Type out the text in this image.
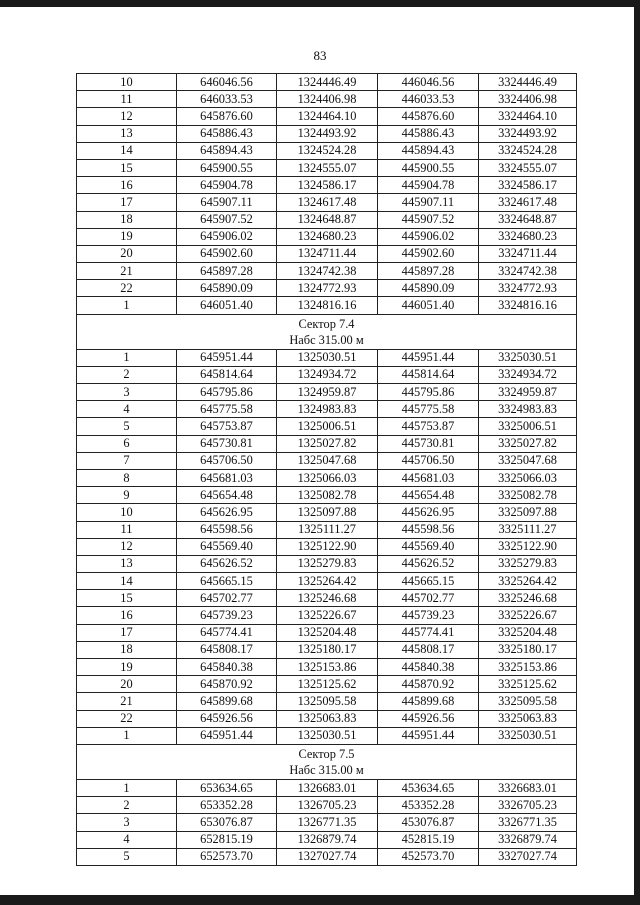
83
10	646046.56	1324446.49	446046.56	3324446.49
11	646033.53	1324406.98	446033.53	3324406.98
12	645876.60	1324464.10	445876.60	3324464.10
13	645886.43	1324493.92	445886.43	3324493.92
14	645894.43	1324524.28	445894.43	3324524.28
15	645900.55	1324555.07	445900.55	3324555.07
16	645904.78	1324586.17	445904.78	3324586.17
17	645907.11	1324617.48	445907.11	3324617.48
18	645907.52	1324648.87	445907.52	3324648.87
19	645906.02	1324680.23	445906.02	3324680.23
20	645902.60	1324711.44	445902.60	3324711.44
21	645897.28	1324742.38	445897.28	3324742.38
22	645890.09	1324772.93	445890.09	3324772.93
1	646051.40	1324816.16	446051.40	3324816.16

Сектор 7.4
Набс 315.00 м				

1	645951.44	1325030.51	445951.44	3325030.51
2	645814.64	1324934.72	445814.64	3324934.72
3	645795.86	1324959.87	445795.86	3324959.87
4	645775.58	1324983.83	445775.58	3324983.83
5	645753.87	1325006.51	445753.87	3325006.51
6	645730.81	1325027.82	445730.81	3325027.82
7	645706.50	1325047.68	445706.50	3325047.68
8	645681.03	1325066.03	445681.03	3325066.03
9	645654.48	1325082.78	445654.48	3325082.78
10	645626.95	1325097.88	445626.95	3325097.88
11	645598.56	1325111.27	445598.56	3325111.27
12	645569.40	1325122.90	445569.40	3325122.90
13	645626.52	1325279.83	445626.52	3325279.83
14	645665.15	1325264.42	445665.15	3325264.42
15	645702.77	1325246.68	445702.77	3325246.68
16	645739.23	1325226.67	445739.23	3325226.67
17	645774.41	1325204.48	445774.41	3325204.48
18	645808.17	1325180.17	445808.17	3325180.17
19	645840.38	1325153.86	445840.38	3325153.86
20	645870.92	1325125.62	445870.92	3325125.62
21	645899.68	1325095.58	445899.68	3325095.58
22	645926.56	1325063.83	445926.56	3325063.83
1	645951.44	1325030.51	445951.44	3325030.51

Сектор 7.5
Набс 315.00 м				

1	653634.65	1326683.01	453634.65	3326683.01
2	653352.28	1326705.23	453352.28	3326705.23
3	653076.87	1326771.35	453076.87	3326771.35
4	652815.19	1326879.74	452815.19	3326879.74
5	652573.70	1327027.74	452573.70	3327027.74
